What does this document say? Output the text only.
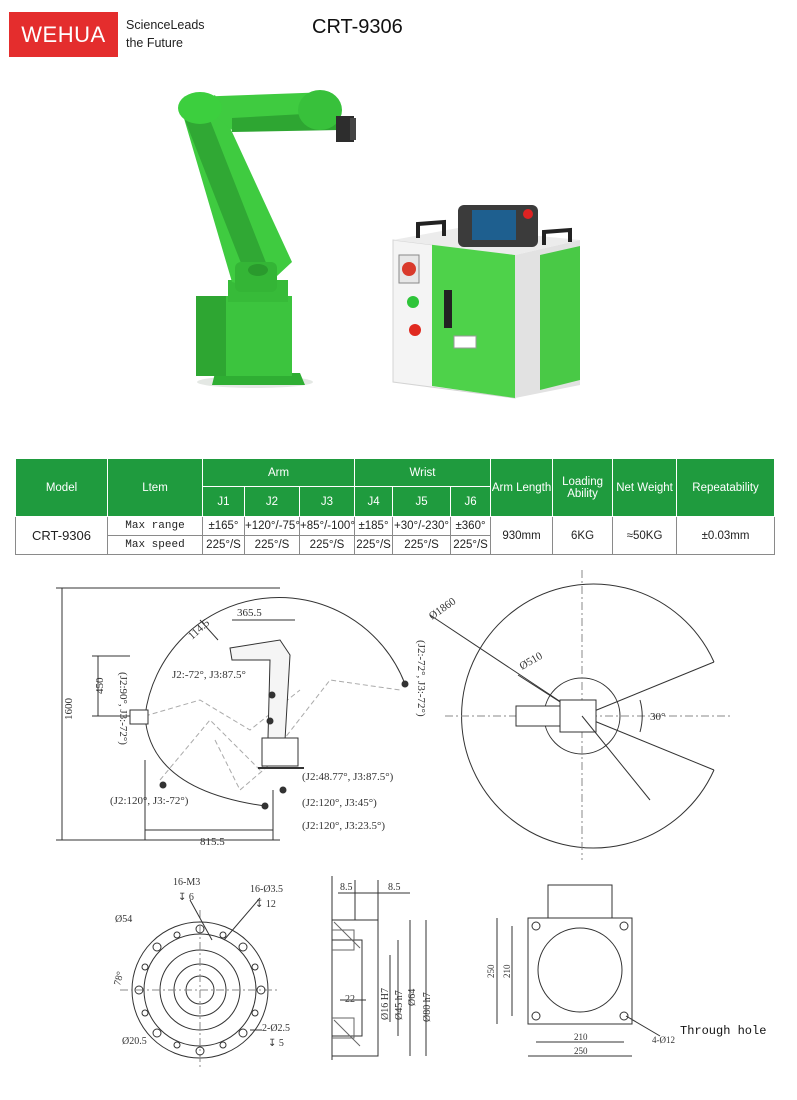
WEHUA	ScienceLeads
the Future
CRT-9306
Model	Ltem	Arm			Wrist			Arm Length	Loading Ability	Net Weight	Repeatability
		J1	J2	J3	J4	J5	J6				
CRT-9306	Max range	±165°	+120°/-75°	+85°/-100°	±185°	+30°/-230°	±360°	930mm	6KG	≈50KG	±0.03mm
	Max speed	225°/S	225°/S	225°/S	225°/S	225°/S	225°/S				
365.5
114.5
1600
450
815.5
J2:-72°, J3:87.5°
(J2:90°, J3:-72°)	(J2:-72°, J3:-72°)
(J2:48.77°, J3:87.5°)
(J2:120°, J3:-72°)	(J2:120°, J3:45°)
(J2:120°, J3:23.5°)
Ø1860
Ø510
30°
16-M3
↧ 6
16-Ø3.5
↧ 12
Ø54
78°
Ø20.5
2-Ø2.5
↧ 5
8.5	8.5
22	Ø16 H7 Ø45 h7 Ø64 Ø80 h7
250 210
210
250
4-Ø12
Through hole
